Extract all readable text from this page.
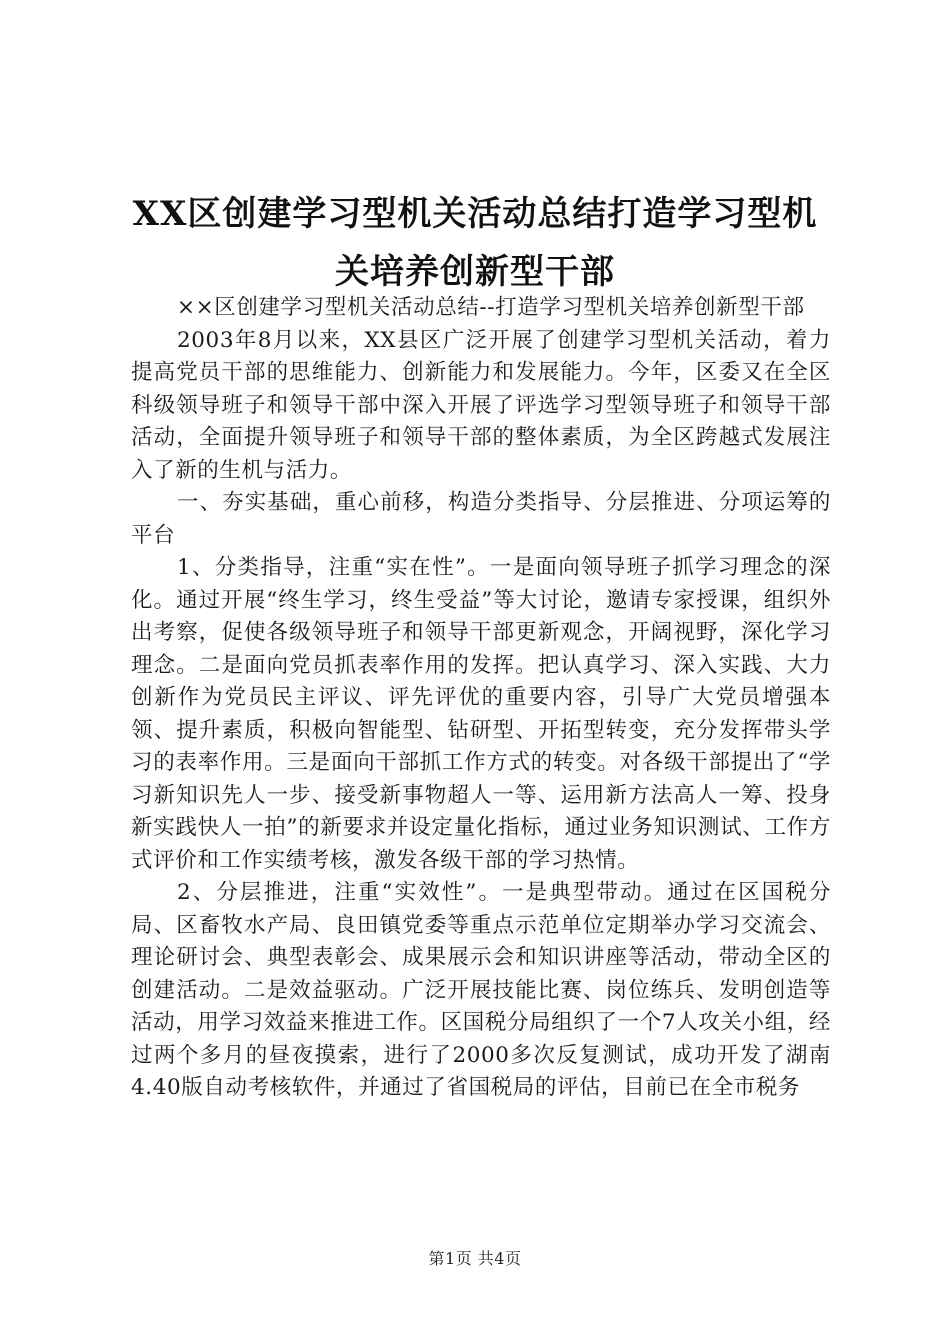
XX区创建学习型机关活动总结打造学习型机
关培养创新型干部

××区创建学习型机关活动总结--打造学习型机关培养创新型干部

2003年8月以来，XX县区广泛开展了创建学习型机关活动，着力提高党员干部的思维能力、创新能力和发展能力。今年，区委又在全区科级领导班子和领导干部中深入开展了评选学习型领导班子和领导干部活动，全面提升领导班子和领导干部的整体素质，为全区跨越式发展注入了新的生机与活力。

一、夯实基础，重心前移，构造分类指导、分层推进、分项运筹的平台

1、分类指导，注重“实在性”。一是面向领导班子抓学习理念的深化。通过开展“终生学习，终生受益”等大讨论，邀请专家授课，组织外出考察，促使各级领导班子和领导干部更新观念，开阔视野，深化学习理念。二是面向党员抓表率作用的发挥。把认真学习、深入实践、大力创新作为党员民主评议、评先评优的重要内容，引导广大党员增强本领、提升素质，积极向智能型、钻研型、开拓型转变，充分发挥带头学习的表率作用。三是面向干部抓工作方式的转变。对各级干部提出了“学习新知识先人一步、接受新事物超人一等、运用新方法高人一筹、投身新实践快人一拍”的新要求并设定量化指标，通过业务知识测试、工作方式评价和工作实绩考核，激发各级干部的学习热情。

2、分层推进，注重“实效性”。一是典型带动。通过在区国税分局、区畜牧水产局、良田镇党委等重点示范单位定期举办学习交流会、理论研讨会、典型表彰会、成果展示会和知识讲座等活动，带动全区的创建活动。二是效益驱动。广泛开展技能比赛、岗位练兵、发明创造等活动，用学习效益来推进工作。区国税分局组织了一个7人攻关小组，经过两个多月的昼夜摸索，进行了2000多次反复测试，成功开发了湖南4.40版自动考核软件，并通过了省国税局的评估，目前已在全市税务

第1页 共4页
